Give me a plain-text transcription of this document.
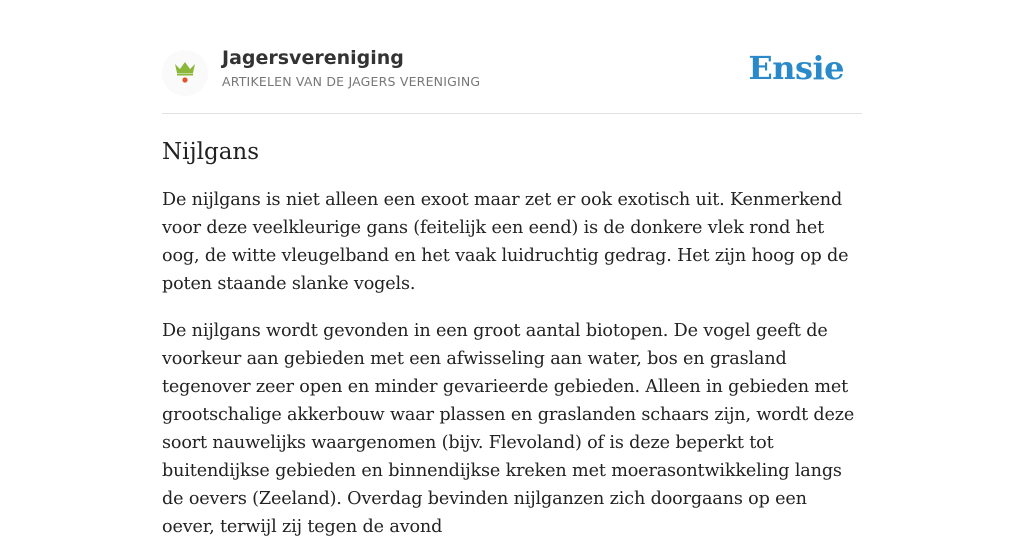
Jagersvereniging
ARTIKELEN VAN DE JAGERS VERENIGING	Ensie
Nijlgans

De nijlgans is niet alleen een exoot maar zet er ook exotisch uit. Kenmerkend voor deze veelkleurige gans (feitelijk een eend) is de donkere vlek rond het oog, de witte vleugelband en het vaak luidruchtig gedrag. Het zijn hoog op de poten staande slanke vogels.

De nijlgans wordt gevonden in een groot aantal biotopen. De vogel geeft de voorkeur aan gebieden met een afwisseling aan water, bos en grasland tegenover zeer open en minder gevarieerde gebieden. Alleen in gebieden met grootschalige akkerbouw waar plassen en graslanden schaars zijn, wordt deze soort nauwelijks waargenomen (bijv. Flevoland) of is deze beperkt tot buitendijkse gebieden en binnendijkse kreken met moerasontwikkeling langs de oevers (Zeeland). Overdag bevinden nijlganzen zich doorgaans op een oever, terwijl zij tegen de avond
